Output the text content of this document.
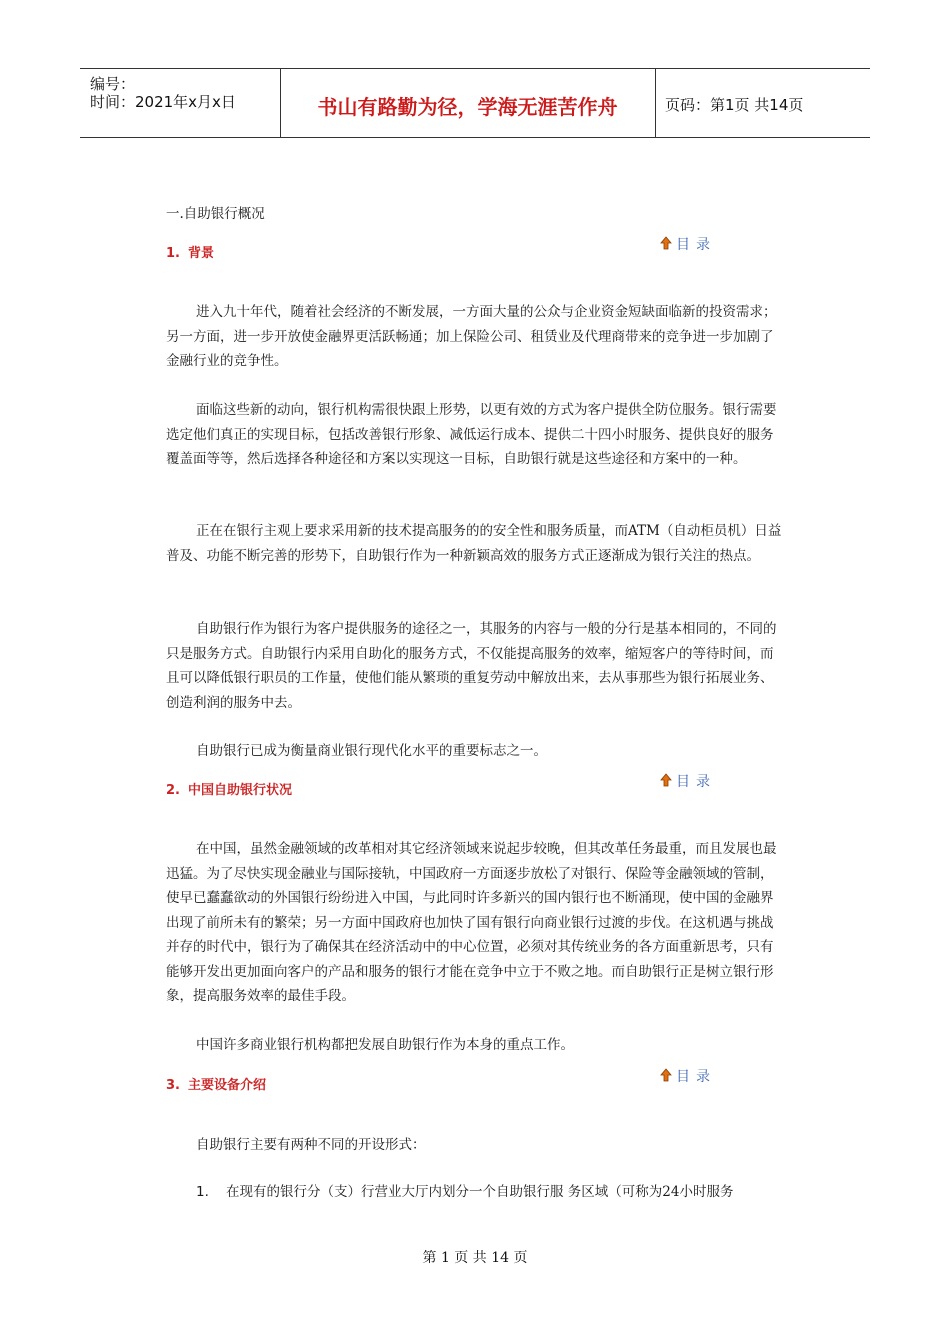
编号：
时间：2021年x月x日	书山有路勤为径，学海无涯苦作舟	页码：第1页 共14页
一.自助银行概况
1. 背景
目录
进入九十年代，随着社会经济的不断发展，一方面大量的公众与企业资金短缺面临新的投资需求；另一方面，进一步开放使金融界更活跃畅通；加上保险公司、租赁业及代理商带来的竞争进一步加剧了金融行业的竞争性。
面临这些新的动向，银行机构需很快跟上形势，以更有效的方式为客户提供全防位服务。银行需要选定他们真正的实现目标，包括改善银行形象、减低运行成本、提供二十四小时服务、提供良好的服务覆盖面等等，然后选择各种途径和方案以实现这一目标，自助银行就是这些途径和方案中的一种。
正在在银行主观上要求采用新的技术提高服务的的安全性和服务质量，而ATM（自动柜员机）日益普及、功能不断完善的形势下，自助银行作为一种新颖高效的服务方式正逐渐成为银行关注的热点。
自助银行作为银行为客户提供服务的途径之一，其服务的内容与一般的分行是基本相同的，不同的只是服务方式。自助银行内采用自助化的服务方式，不仅能提高服务的效率，缩短客户的等待时间，而且可以降低银行职员的工作量，使他们能从繁琐的重复劳动中解放出来，去从事那些为银行拓展业务、创造利润的服务中去。
自助银行已成为衡量商业银行现代化水平的重要标志之一。
2. 中国自助银行状况
目录
在中国，虽然金融领域的改革相对其它经济领域来说起步较晚，但其改革任务最重，而且发展也最迅猛。为了尽快实现金融业与国际接轨，中国政府一方面逐步放松了对银行、保险等金融领域的管制，使早已蠢蠢欲动的外国银行纷纷进入中国，与此同时许多新兴的国内银行也不断涌现，使中国的金融界出现了前所未有的繁荣；另一方面中国政府也加快了国有银行向商业银行过渡的步伐。在这机遇与挑战并存的时代中，银行为了确保其在经济活动中的中心位置，必须对其传统业务的各方面重新思考，只有能够开发出更加面向客户的产品和服务的银行才能在竞争中立于不败之地。而自助银行正是树立银行形象，提高服务效率的最佳手段。
中国许多商业银行机构都把发展自助银行作为本身的重点工作。
3. 主要设备介绍
目录
自助银行主要有两种不同的开设形式：
1. 在现有的银行分（支）行营业大厅内划分一个自助银行服 务区域（可称为24小时服务
第 1 页 共 14 页
